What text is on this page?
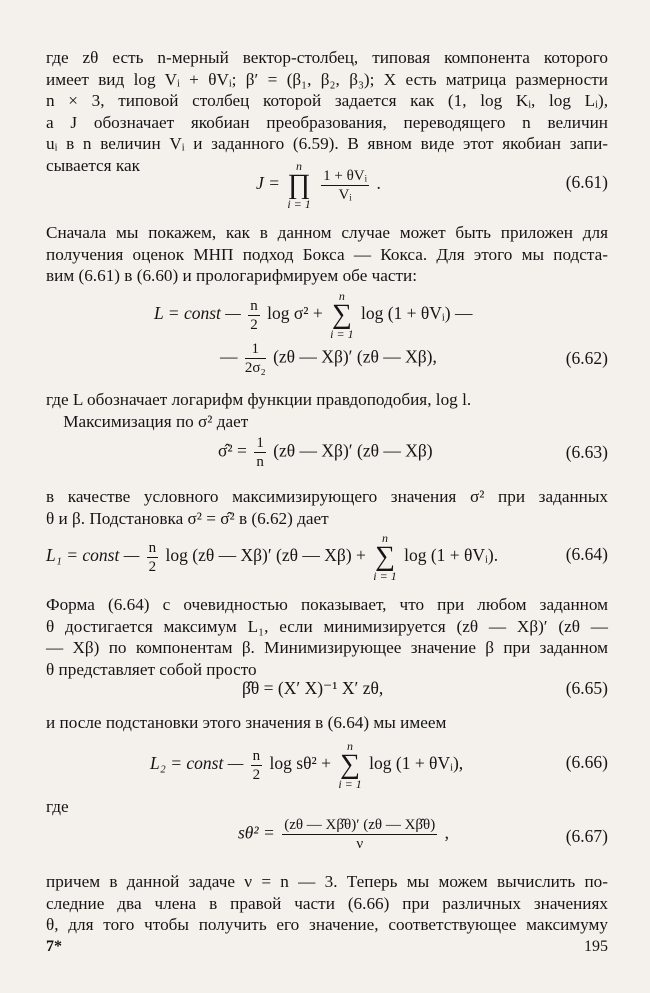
где zθ есть n-мерный вектор-столбец, типовая компонента которого
имеет вид log Vᵢ + θVᵢ; β′ = (β₁, β₂, β₃); X есть матрица размерности
n × 3, типовой столбец которой задается как (1, log Kᵢ, log Lᵢ),
а J обозначает якобиан преобразования, переводящего n величин
uᵢ в n величин Vᵢ и заданного (6.59). В явном виде этот якобиан запи-
сывается как
J =
n
∏
i = 1

$\frac{\text{1 + θVᵢ}}{\text{Vᵢ}}$ .	(6.61)
Сначала мы покажем, как в данном случае может быть приложен для
получения оценок МНП подход Бокса — Кокса. Для этого мы подста-
вим (6.61) в (6.60) и прологарифмируем обе части:
L = const — $\frac{n}{2}$ log σ² +
n
∑
i = 1
log (1 + θVᵢ) —
— $\frac{1}{\text{2σ₂}} (z\theta$ — Xβ)′ (zθ — Xβ),	(6.62)
где L обозначает логарифм функции правдоподобия, log l.
Максимизация по σ² дает
σ̂² = $\frac{1}{n} (z\theta$ — Xβ)′ (zθ — Xβ)	(6.63)
в качестве условного максимизирующего значения σ² при заданных
θ и β. Подстановка σ² = σ̂² в (6.62) дает
L₁ = const — $\frac{n}{2}$ log (zθ — Xβ)′ (zθ — Xβ) +
n
∑
i = 1
log (1 + θVᵢ).	(6.64)
Форма (6.64) с очевидностью показывает, что при любом заданном
θ достигается максимум L₁, если минимизируется (zθ — Xβ)′ (zθ —
— Xβ) по компонентам β. Минимизирующее значение β при заданном
θ представляет собой просто
β̂θ = (X′ X)⁻¹ X′ zθ,	(6.65)
и после подстановки этого значения в (6.64) мы имеем
L₂ = const — $\frac{n}{2}$ log sθ² +
n
∑
i = 1
log (1 + θVᵢ),	(6.66)
где
$s\theta^2 = \frac{(z\theta — X\betâ\theta)' (z\theta — X\betâ\theta)}{\nu}$ ,	(6.67)
причем в данной задаче ν = n — 3. Теперь мы можем вычислить по-
следние два члена в правой части (6.66) при различных значениях
θ, для того чтобы получить его значение, соответствующее максимуму
7*	195
